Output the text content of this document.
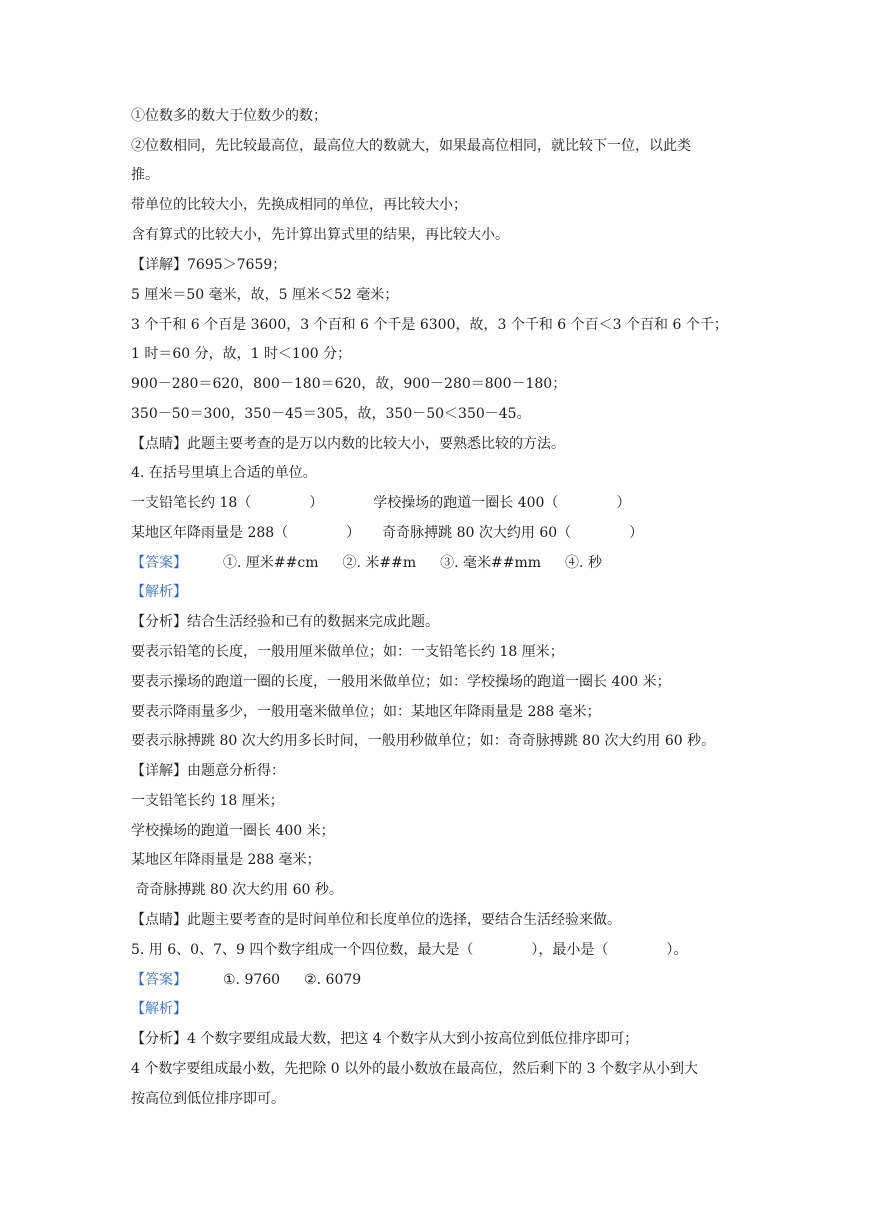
①位数多的数大于位数少的数；
②位数相同，先比较最高位，最高位大的数就大，如果最高位相同，就比较下一位，以此类
推。
带单位的比较大小，先换成相同的单位，再比较大小；
含有算式的比较大小，先计算出算式里的结果，再比较大小。
【详解】7695＞7659；
5 厘米＝50 毫米，故，5 厘米＜52 毫米；
3 个千和 6 个百是 3600，3 个百和 6 个千是 6300，故，3 个千和 6 个百＜3 个百和 6 个千；
1 时＝60 分，故，1 时＜100 分；
900－280＝620，800－180＝620，故，900－280＝800－180；
350－50＝300，350－45＝305，故，350－50＜350－45。
【点睛】此题主要考查的是万以内数的比较大小，要熟悉比较的方法。
4. 在括号里填上合适的单位。
一支铅笔长约 18（	）	学校操场的跑道一圈长 400（	）
某地区年降雨量是 288（	） 奇奇脉搏跳 80 次大约用 60（	）
【答案】	①. 厘米##cm ②. 米##m ③. 毫米##mm ④. 秒
【解析】
【分析】结合生活经验和已有的数据来完成此题。
要表示铅笔的长度，一般用厘米做单位；如：一支铅笔长约 18 厘米；
要表示操场的跑道一圈的长度，一般用米做单位；如：学校操场的跑道一圈长 400 米；
要表示降雨量多少，一般用毫米做单位；如：某地区年降雨量是 288 毫米；
要表示脉搏跳 80 次大约用多长时间，一般用秒做单位；如：奇奇脉搏跳 80 次大约用 60 秒。
【详解】由题意分析得：
一支铅笔长约 18 厘米；
学校操场的跑道一圈长 400 米；
某地区年降雨量是 288 毫米；
奇奇脉搏跳 80 次大约用 60 秒。
【点睛】此题主要考查的是时间单位和长度单位的选择，要结合生活经验来做。
5. 用 6、0、7、9 四个数字组成一个四位数，最大是（	），最小是（	）。
【答案】	①. 9760 ②. 6079
【解析】
【分析】4 个数字要组成最大数，把这 4 个数字从大到小按高位到低位排序即可；
4 个数字要组成最小数，先把除 0 以外的最小数放在最高位，然后剩下的 3 个数字从小到大
按高位到低位排序即可。
